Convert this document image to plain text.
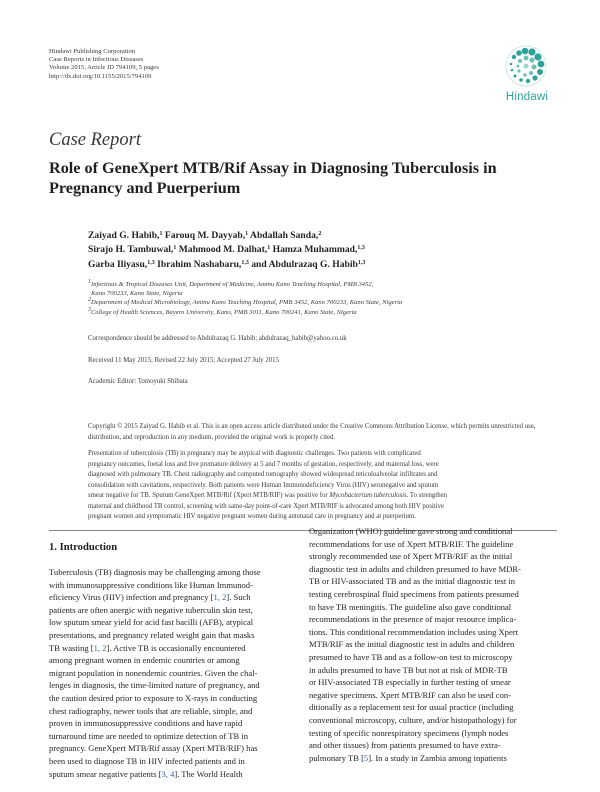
Hindawi Publishing Corporation
Case Reports in Infectious Diseases
Volume 2015, Article ID 794109, 5 pages
http://dx.doi.org/10.1155/2015/794109
Hindawi
Case Report
Role of GeneXpert MTB/Rif Assay in Diagnosing Tuberculosis in
Pregnancy and Puerperium
Zaiyad G. Habib,$^1$ Farouq M. Dayyab,$^1$ Abdallah Sanda,$^2$
Sirajo H. Tambuwal,$^1$ Mahmood M. Dalhat,$^1$ Hamza Muhammad,$^{1,3}$
Garba Iliyasu,$^{1,3}$ Ibrahim Nashabaru,$^{1,3}$ and Abdulrazaq G. Habib$^{1,3}$
$^1$Infectious & Tropical Diseases Unit, Department of Medicine, Aminu Kano Teaching Hospital, PMB 3452,
Kano 700233, Kano State, Nigeria
$^2$Department of Medical Microbiology, Aminu Kano Teaching Hospital, PMB 3452, Kano 700233, Kano State, Nigeria
$^3$College of Health Sciences, Bayero University, Kano, PMB 3011, Kano 700241, Kano State, Nigeria
Correspondence should be addressed to Abdulrazaq G. Habib; abdulrazaq_habib@yahoo.co.uk
Received 11 May 2015; Revised 22 July 2015; Accepted 27 July 2015
Academic Editor: Tomoyuki Shibata
Copyright © 2015 Zaiyad G. Habib et al. This is an open access article distributed under the Creative Commons Attribution License, which permits unrestricted use, distribution, and reproduction in any medium, provided the original work is properly cited.
Presentation of tuberculosis (TB) in pregnancy may be atypical with diagnostic challenges. Two patients with complicated
pregnancy outcomes, foetal loss and live premature delivery at 5 and 7 months of gestation, respectively, and maternal loss, were
diagnosed with pulmonary TB. Chest radiography and computed tomography showed widespread reticuloalveolar infiltrates and
consolidation with cavitations, respectively. Both patients were Human Immunodeficiency Virus (HIV) seronegative and sputum
smear negative for TB. Sputum GeneXpert MTB/Rif (Xpert MTB/RIF) was positive for Mycobacterium tuberculosis. To strengthen
maternal and childhood TB control, screening with same-day point-of-care Xpert MTB/RIF is advocated among both HIV positive
pregnant women and symptomatic HIV negative pregnant women during antenatal care in pregnancy and at puerperium.
1. Introduction
Tuberculosis (TB) diagnosis may be challenging among those
with immunosuppressive conditions like Human Immunod-
eficiency Virus (HIV) infection and pregnancy [1, 2]. Such
patients are often anergic with negative tuberculin skin test,
low sputum smear yield for acid fast bacilli (AFB), atypical
presentations, and pregnancy related weight gain that masks
TB wasting [1, 2]. Active TB is occasionally encountered
among pregnant women in endemic countries or among
migrant population in nonendemic countries. Given the chal-
lenges in diagnosis, the time-limited nature of pregnancy, and
the caution desired prior to exposure to X-rays in conducting
chest radiography, newer tools that are reliable, simple, and
proven in immunosuppressive conditions and have rapid
turnaround time are needed to optimize detection of TB in
pregnancy. GeneXpert MTB/Rif assay (Xpert MTB/RIF) has
been used to diagnose TB in HIV infected patients and in
sputum smear negative patients [3, 4]. The World Health
Organization (WHO) guideline gave strong and conditional
recommendations for use of Xpert MTB/RIF. The guideline
strongly recommended use of Xpert MTB/RIF as the initial
diagnostic test in adults and children presumed to have MDR-
TB or HIV-associated TB and as the initial diagnostic test in
testing cerebrospinal fluid specimens from patients presumed
to have TB meningitis. The guideline also gave conditional
recommendations in the presence of major resource implica-
tions. This conditional recommendation includes using Xpert
MTB/RIF as the initial diagnostic test in adults and children
presumed to have TB and as a follow-on test to microscopy
in adults presumed to have TB but not at risk of MDR-TB
or HIV-associated TB especially in further testing of smear
negative specimens. Xpert MTB/RIF can also be used con-
ditionally as a replacement test for usual practice (including
conventional microscopy, culture, and/or histopathology) for
testing of specific nonrespiratory specimens (lymph nodes
and other tissues) from patients presumed to have extra-
pulmonary TB [5]. In a study in Zambia among inpatients
